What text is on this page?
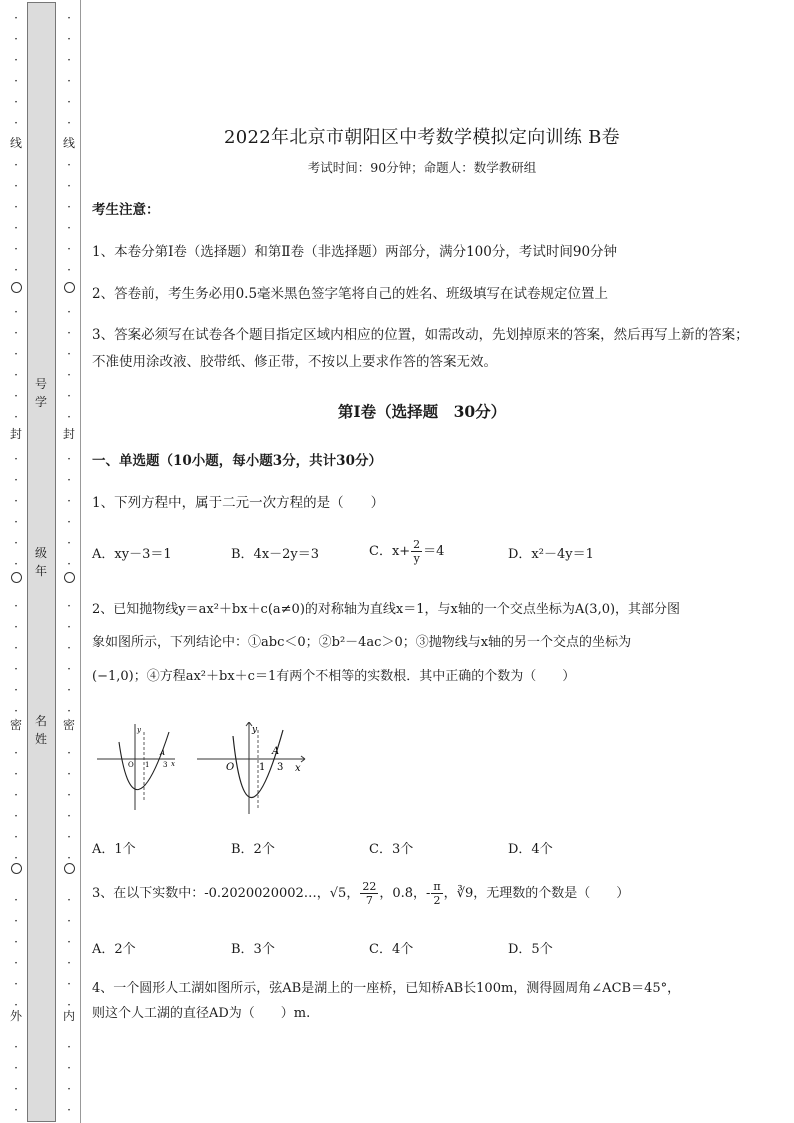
·
·
·
·
·
·
·
·
·
·
·
·
·
·
·
·
·
·
·
·
·
·
·
·
·
·
·
·
·
·
·
·
·
·
·
·
·
·
·
·
·
·
·
·
·
·
线
封
密
外
号学
级年
名姓
·
·
·
·
·
·
·
·
·
·
·
·
·
·
·
·
·
·
·
·
·
·
·
·
·
·
·
·
·
·
·
·
·
·
·
·
·
·
·
·
·
·
·
·
·
·
线
封
密
内
2022年北京市朝阳区中考数学模拟定向训练 B卷
考试时间：90分钟；命题人：数学教研组
考生注意：
1、本卷分第I卷（选择题）和第Ⅱ卷（非选择题）两部分，满分100分，考试时间90分钟
2、答卷前，考生务必用0.5毫米黑色签字笔将自己的姓名、班级填写在试卷规定位置上
3、答案必须写在试卷各个题目指定区域内相应的位置，如需改动，先划掉原来的答案，然后再写上新的答案；不准使用涂改液、胶带纸、修正带，不按以上要求作答的答案无效。
第I卷（选择题　30分）
一、单选题（10小题，每小题3分，共计30分）
1、下列方程中，属于二元一次方程的是（　　）
A．xy－3＝1	B．4x－2y＝3	C．$x+ \frac{2}{y} =4$	D．x²－4y＝1
2、已知抛物线y＝ax²＋bx＋c(a≠0)的对称轴为直线x＝1，与x轴的一个交点坐标为A(3,0)，其部分图
象如图所示，下列结论中：①abc＜0；②b²－4ac＞0；③抛物线与x轴的另一个交点的坐标为
(−1,0)；④方程ax²＋bx＋c＝1有两个不相等的实数根．其中正确的个数为（　　）
y
x
O 1 3
A
y
x
O 1 3
A
A．1个	B．2个	C．3个	D．4个
3、在以下实数中：-0.2020020002…，√5， $\frac{22}{7}$ ，0.8̇，- $\frac{\pi}{2}$ ，∛9，无理数的个数是（　　）
A．2个	B．3个	C．4个	D．5个
4、一个圆形人工湖如图所示，弦AB是湖上的一座桥，已知桥AB长100m，测得圆周角∠ACB＝45°，
则这个人工湖的直径AD为（　　）m.
